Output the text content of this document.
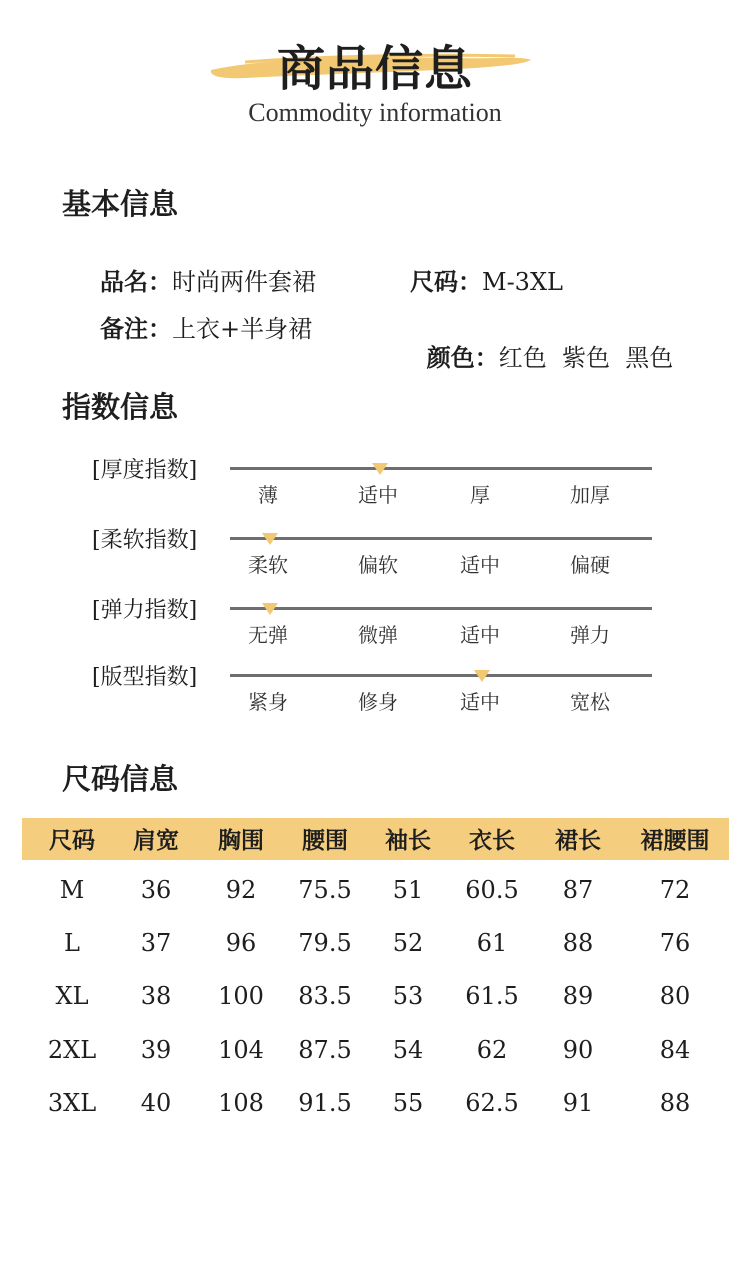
商品信息
Commodity information
基本信息
品名：时尚两件套裙	尺码：M-3XL
备注：上衣+半身裙

颜色：红色  紫色  黑色

指数信息
[厚度指数]
薄	适中	厚	加厚
[柔软指数]
柔软	偏软	适中	偏硬
[弹力指数]
无弹	微弹	适中	弹力
[版型指数]
紧身	修身	适中	宽松
尺码信息
尺码 肩宽 胸围 腰围 袖长 衣长 裙长 裙腰围
M 36 92 75.5 51 60.5 87	72
L	37 96 79.5 52 61 88	76
XL 38 100 83.5 53 61.5 89	80
2XL 39 104 87.5 54 62 90	84
3XL 40 108 91.5 55 62.5 91	88
